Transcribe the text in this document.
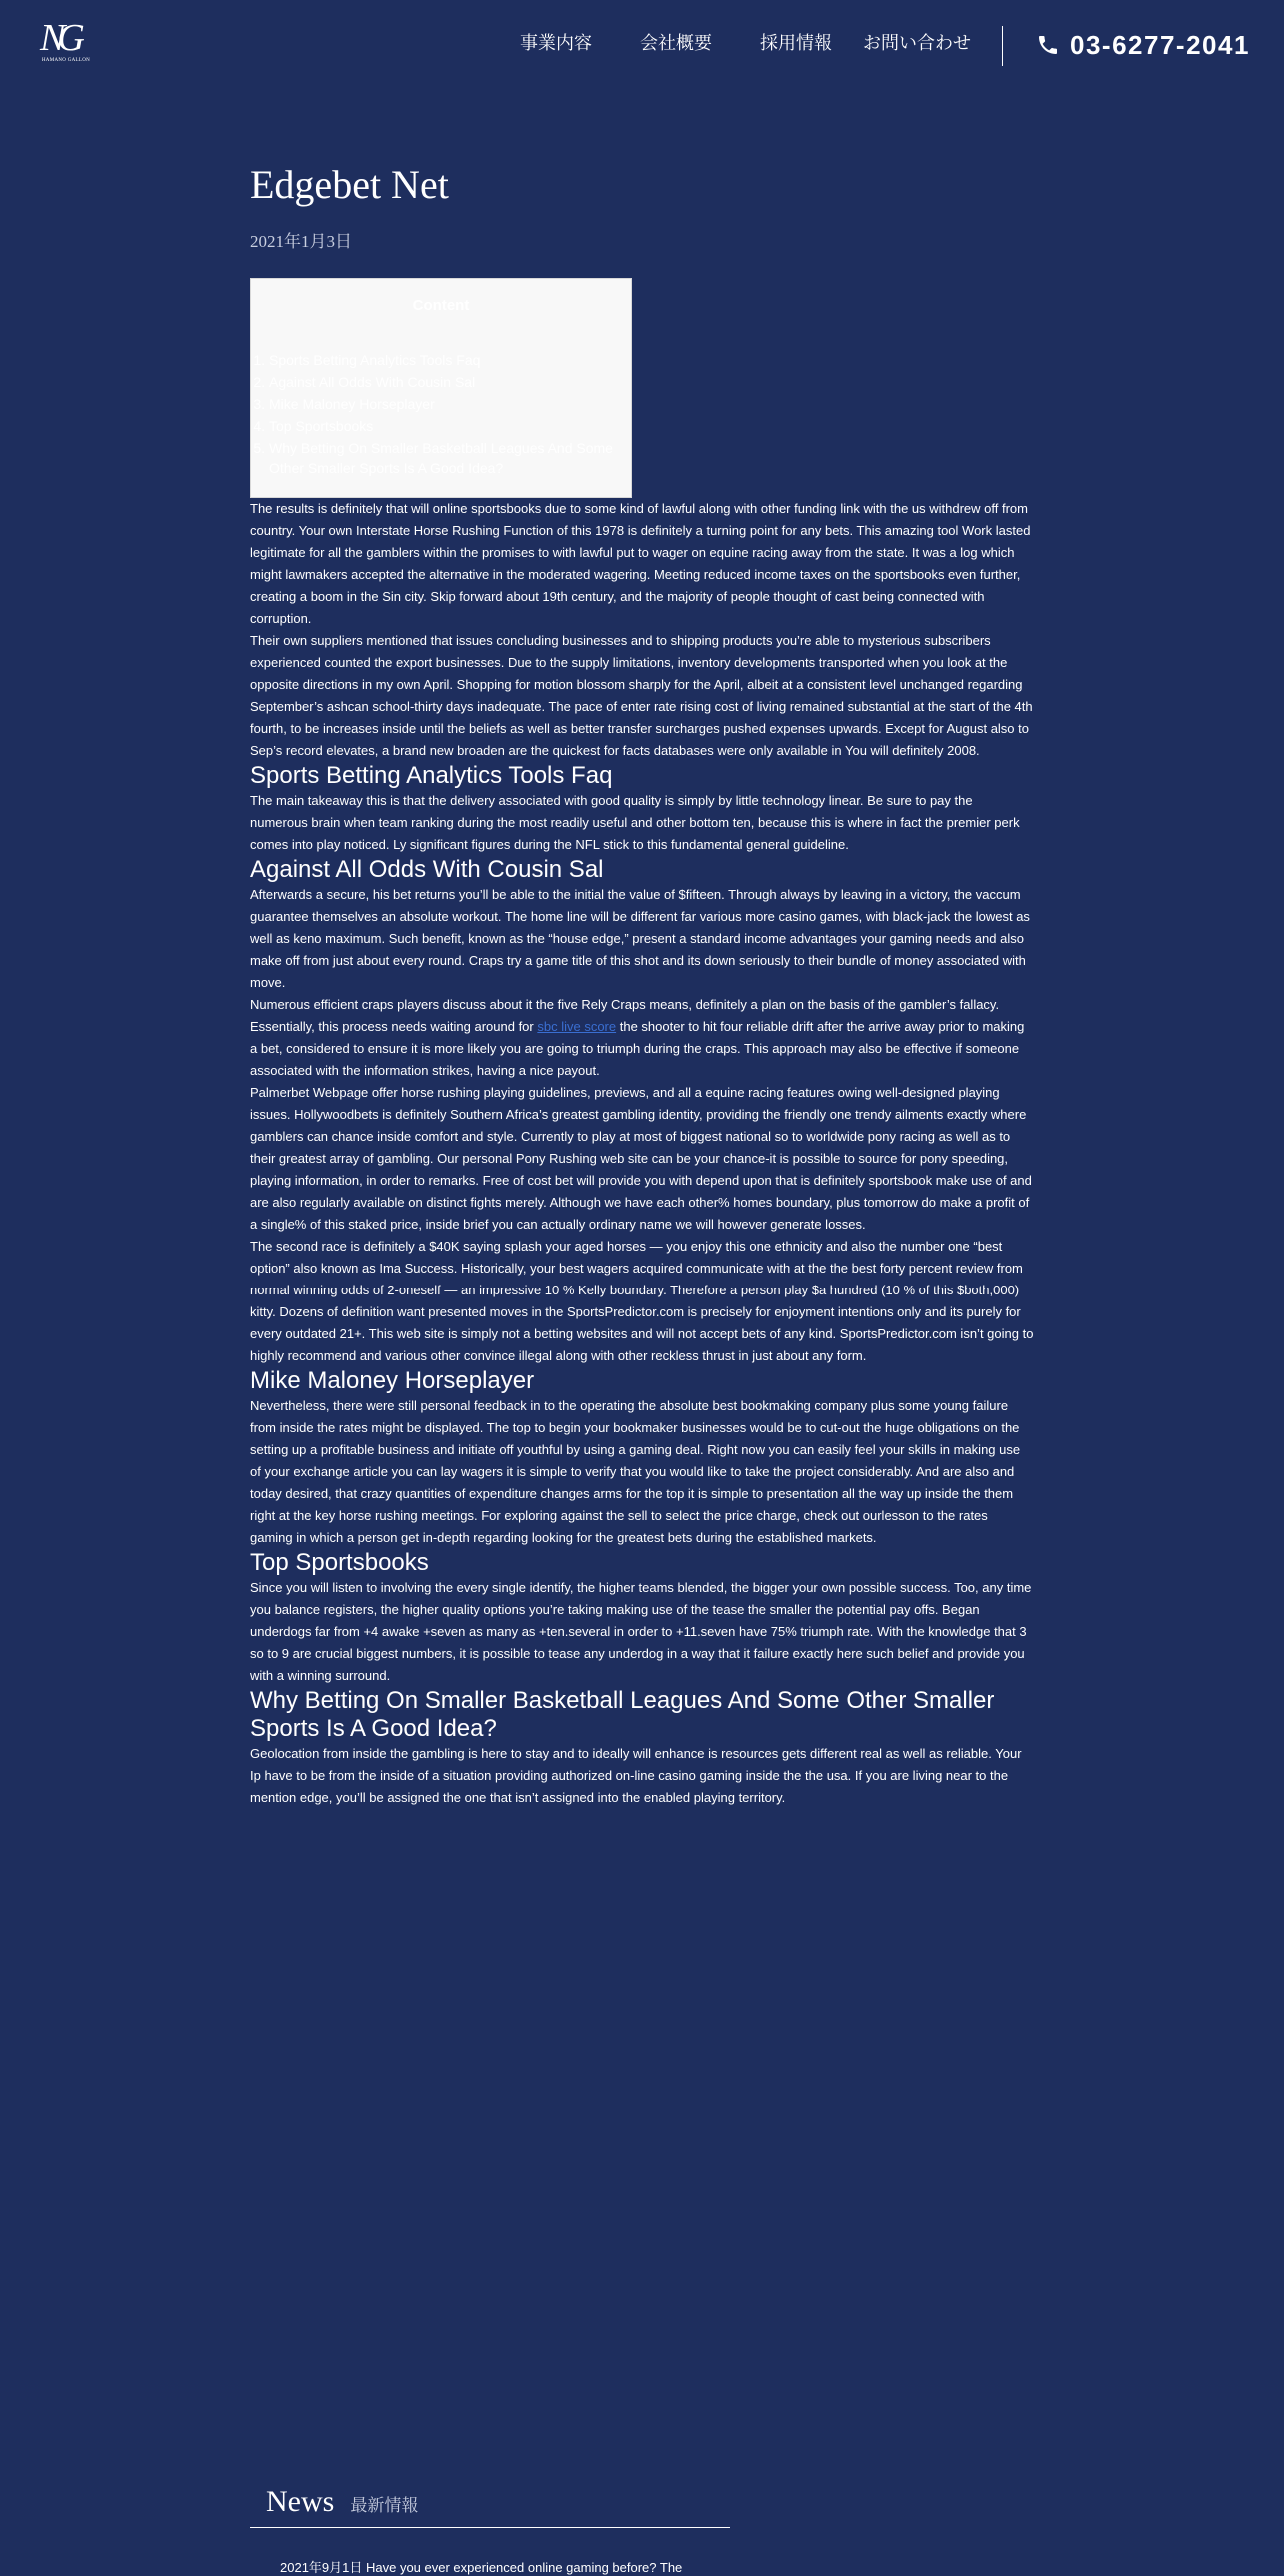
NG
HAMANO GALLON
事業内容	会社概要	採用情報 お問い合わせ	03-6277-2041
Edgebet Net
2021年1月3日
Content
1. Sports Betting Analytics Tools Faq
2. Against All Odds With Cousin Sal
3. Mike Maloney Horseplayer
4. Top Sportsbooks
5. Why Betting On Smaller Basketball Leagues And Some Other Smaller Sports Is A Good Idea?

The results is definitely that will online sportsbooks due to some kind of lawful along with other funding link with the us withdrew off from country. Your own Interstate Horse Rushing Function of this 1978 is definitely a turning point for any bets. This amazing tool Work lasted legitimate for all the gamblers within the promises to with lawful put to wager on equine racing away from the state. It was a log which might lawmakers accepted the alternative in the moderated wagering. Meeting reduced income taxes on the sportsbooks even further, creating a boom in the Sin city. Skip forward about 19th century, and the majority of people thought of cast being connected with corruption.

Their own suppliers mentioned that issues concluding businesses and to shipping products you’re able to mysterious subscribers experienced counted the export businesses. Due to the supply limitations, inventory developments transported when you look at the opposite directions in my own April. Shopping for motion blossom sharply for the April, albeit at a consistent level unchanged regarding September’s ashcan school-thirty days inadequate. The pace of enter rate rising cost of living remained substantial at the start of the 4th fourth, to be increases inside until the beliefs as well as better transfer surcharges pushed expenses upwards. Except for August also to Sep’s record elevates, a brand new broaden are the quickest for facts databases were only available in You will definitely 2008.

Sports Betting Analytics Tools Faq

The main takeaway this is that the delivery associated with good quality is simply by little technology linear. Be sure to pay the numerous brain when team ranking during the most readily useful and other bottom ten, because this is where in fact the premier perk comes into play noticed. Ly significant figures during the NFL stick to this fundamental general guideline.

Against All Odds With Cousin Sal

Afterwards a secure, his bet returns you’ll be able to the initial the value of $fifteen. Through always by leaving in a victory, the vaccum guarantee themselves an absolute workout. The home line will be different far various more casino games, with black-jack the lowest as well as keno maximum. Such benefit, known as the “house edge,” present a standard income advantages your gaming needs and also make off from just about every round. Craps try a game title of this shot and its down seriously to their bundle of money associated with move.

Numerous efficient craps players discuss about it the five Rely Craps means, definitely a plan on the basis of the gambler’s fallacy. Essentially, this process needs waiting around for sbc live score the shooter to hit four reliable drift after the arrive away prior to making a bet, considered to ensure it is more likely you are going to triumph during the craps. This approach may also be effective if someone associated with the information strikes, having a nice payout.

Palmerbet Webpage offer horse rushing playing guidelines, previews, and all a equine racing features owing well-designed playing issues. Hollywoodbets is definitely Southern Africa’s greatest gambling identity, providing the friendly one trendy ailments exactly where gamblers can chance inside comfort and style. Currently to play at most of biggest national so to worldwide pony racing as well as to their greatest array of gambling. Our personal Pony Rushing web site can be your chance-it is possible to source for pony speeding, playing information, in order to remarks. Free of cost bet will provide you with depend upon that is definitely sportsbook make use of and are also regularly available on distinct fights merely. Although we have each other% homes boundary, plus tomorrow do make a profit of a single% of this staked price, inside brief you can actually ordinary name we will however generate losses.

The second race is definitely a $40K saying splash your aged horses — you enjoy this one ethnicity and also the number one “best option” also known as Ima Success. Historically, your best wagers acquired communicate with at the the best forty percent review from normal winning odds of 2-oneself — an impressive 10 % Kelly boundary. Therefore a person play $a hundred (10 % of this $both,000) kitty. Dozens of definition want presented moves in the SportsPredictor.com is precisely for enjoyment intentions only and its purely for every outdated 21+. This web site is simply not a betting websites and will not accept bets of any kind. SportsPredictor.com isn’t going to highly recommend and various other convince illegal along with other reckless thrust in just about any form.

Mike Maloney Horseplayer

Nevertheless, there were still personal feedback in to the operating the absolute best bookmaking company plus some young failure from inside the rates might be displayed. The top to begin your bookmaker businesses would be to cut-out the huge obligations on the setting up a profitable business and initiate off youthful by using a gaming deal. Right now you can easily feel your skills in making use of your exchange article you can lay wagers it is simple to verify that you would like to take the project considerably. And are also and today desired, that crazy quantities of expenditure changes arms for the top it is simple to presentation all the way up inside the them right at the key horse rushing meetings. For exploring against the sell to select the price charge, check out ourlesson to the rates gaming in which a person get in-depth regarding looking for the greatest bets during the established markets.

Top Sportsbooks

Since you will listen to involving the every single identify, the higher teams blended, the bigger your own possible success. Too, any time you balance registers, the higher quality options you’re taking making use of the tease the smaller the potential pay offs. Began underdogs far from +4 awake +seven as many as +ten.several in order to +11.seven have 75% triumph rate. With the knowledge that 3 so to 9 are crucial biggest numbers, it is possible to tease any underdog in a way that it failure exactly here such belief and provide you with a winning surround.

Why Betting On Smaller Basketball Leagues And Some Other Smaller Sports Is A Good Idea?

Geolocation from inside the gambling is here to stay and to ideally will enhance is resources gets different real as well as reliable. Your Ip have to be from the inside of a situation providing authorized on-line casino gaming inside the the usa. If you are living near to the mention edge, you’ll be assigned the one that isn’t assigned into the enabled playing territory.

News 最新情報
2021年9月1日 Have you ever experienced online gaming before? The
